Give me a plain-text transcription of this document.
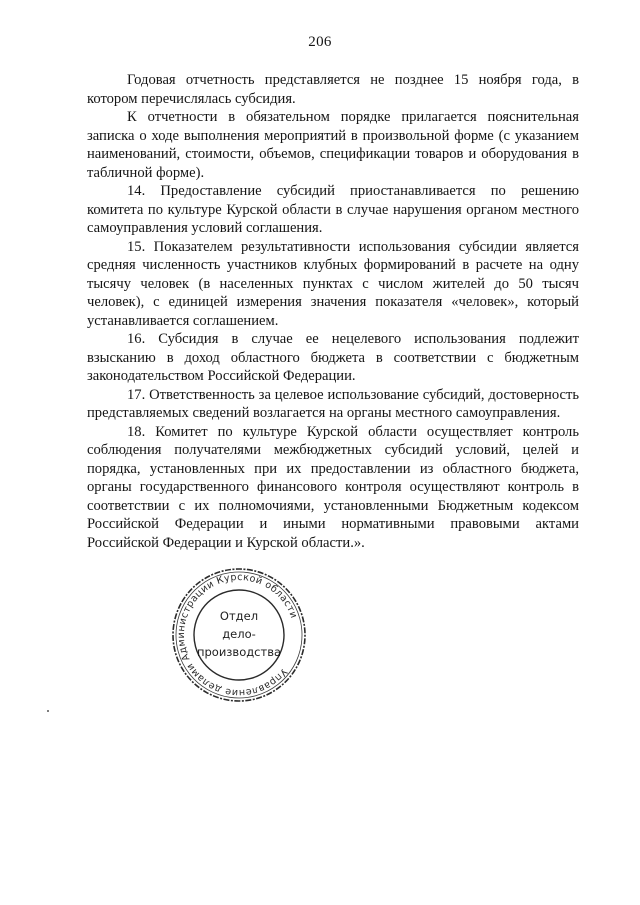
206

Годовая отчетность представляется не позднее 15 ноября года, в котором перечислялась субсидия.

К отчетности в обязательном порядке прилагается пояснительная записка о ходе выполнения мероприятий в произвольной форме (с указанием наименований, стоимости, объемов, спецификации товаров и оборудования в табличной форме).

14. Предоставление субсидий приостанавливается по решению комитета по культуре Курской области в случае нарушения органом местного самоуправления условий соглашения.

15. Показателем результативности использования субсидии является средняя численность участников клубных формирований в расчете на одну тысячу человек (в населенных пунктах с числом жителей до 50 тысяч человек), с единицей измерения значения показателя «человек», который устанавливается соглашением.

16. Субсидия в случае ее нецелевого использования подлежит взысканию в доход областного бюджета в соответствии с бюджетным законодательством Российской Федерации.

17. Ответственность за целевое использование субсидий, достоверность представляемых сведений возлагается на органы местного самоуправления.

18. Комитет по культуре Курской области осуществляет контроль соблюдения получателями межбюджетных субсидий условий, целей и порядка, установленных при их предоставлении из областного бюджета, органы государственного финансового контроля осуществляют контроль в соответствии с их полномочиями, установленными Бюджетным кодексом Российской Федерации и иными нормативными правовыми актами Российской Федерации и Курской области.».

Управление делами Администрации Курской области
Отдел
дело-
производства
